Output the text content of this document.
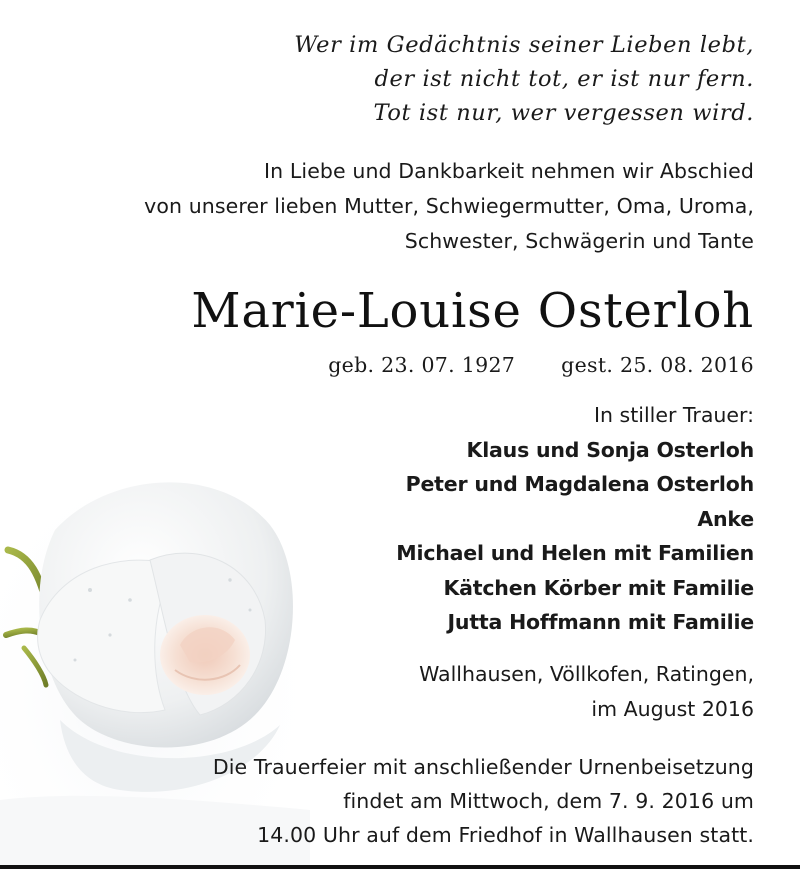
Wer im Gedächtnis seiner Lieben lebt,
der ist nicht tot, er ist nur fern.
Tot ist nur, wer vergessen wird.
In Liebe und Dankbarkeit nehmen wir Abschied
von unserer lieben Mutter, Schwiegermutter, Oma, Uroma,
Schwester, Schwägerin und Tante
Marie-Louise Osterloh
geb. 23. 07. 1927 gest. 25. 08. 2016
In stiller Trauer:
Klaus und Sonja Osterloh
Peter und Magdalena Osterloh
Anke
Michael und Helen mit Familien
Kätchen Körber mit Familie
Jutta Hoffmann mit Familie
Wallhausen, Völlkofen, Ratingen,
im August 2016
Die Trauerfeier mit anschließender Urnenbeisetzung
findet am Mittwoch, dem 7. 9. 2016 um
14.00 Uhr auf dem Friedhof in Wallhausen statt.
